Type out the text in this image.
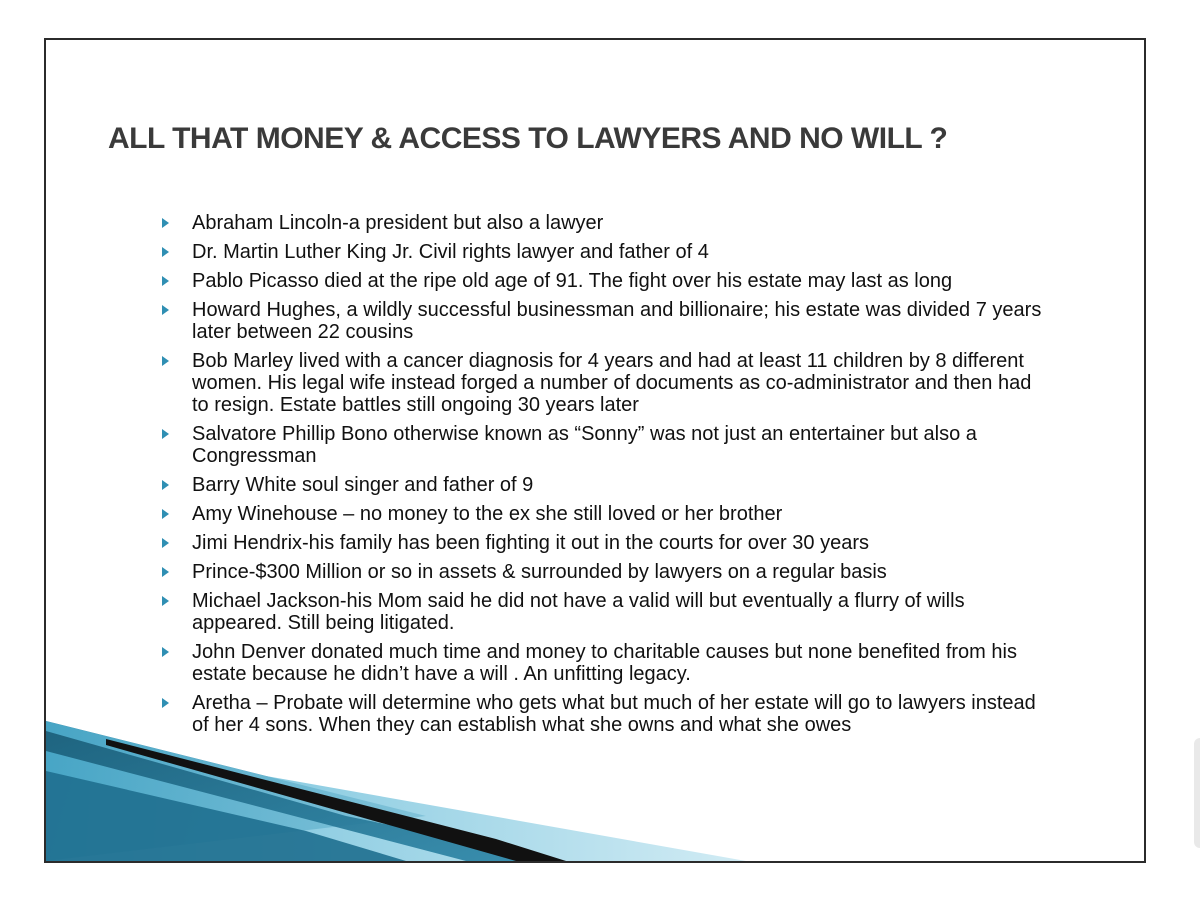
ALL THAT MONEY & ACCESS TO LAWYERS AND NO WILL ?
Abraham Lincoln-a president but also a lawyer
Dr. Martin Luther King Jr. Civil rights lawyer and father of 4
Pablo Picasso died at the ripe old age of 91. The fight over his estate may last as long
Howard Hughes, a wildly successful businessman and billionaire; his estate was divided 7 years later between 22 cousins
Bob Marley lived with a cancer diagnosis for 4 years and had at least 11 children by 8 different women. His legal wife instead forged a number of documents as co-administrator and then had to resign. Estate battles still ongoing 30 years later
Salvatore Phillip Bono otherwise known as “Sonny” was not just an entertainer but also a Congressman
Barry White soul singer and father of 9
Amy Winehouse – no money to the ex she still loved or her brother
Jimi Hendrix-his family has been fighting it out in the courts for over 30 years
Prince-$300 Million or so in assets & surrounded by lawyers on a regular basis
Michael Jackson-his Mom said he did not have a valid will but eventually a flurry of wills appeared. Still being litigated.
John Denver donated much time and money to charitable causes but none benefited from his estate because he didn’t have a will . An unfitting legacy.
Aretha – Probate will determine who gets what but much of her estate will go to lawyers instead of her 4 sons. When they can establish what she owns and what she owes
